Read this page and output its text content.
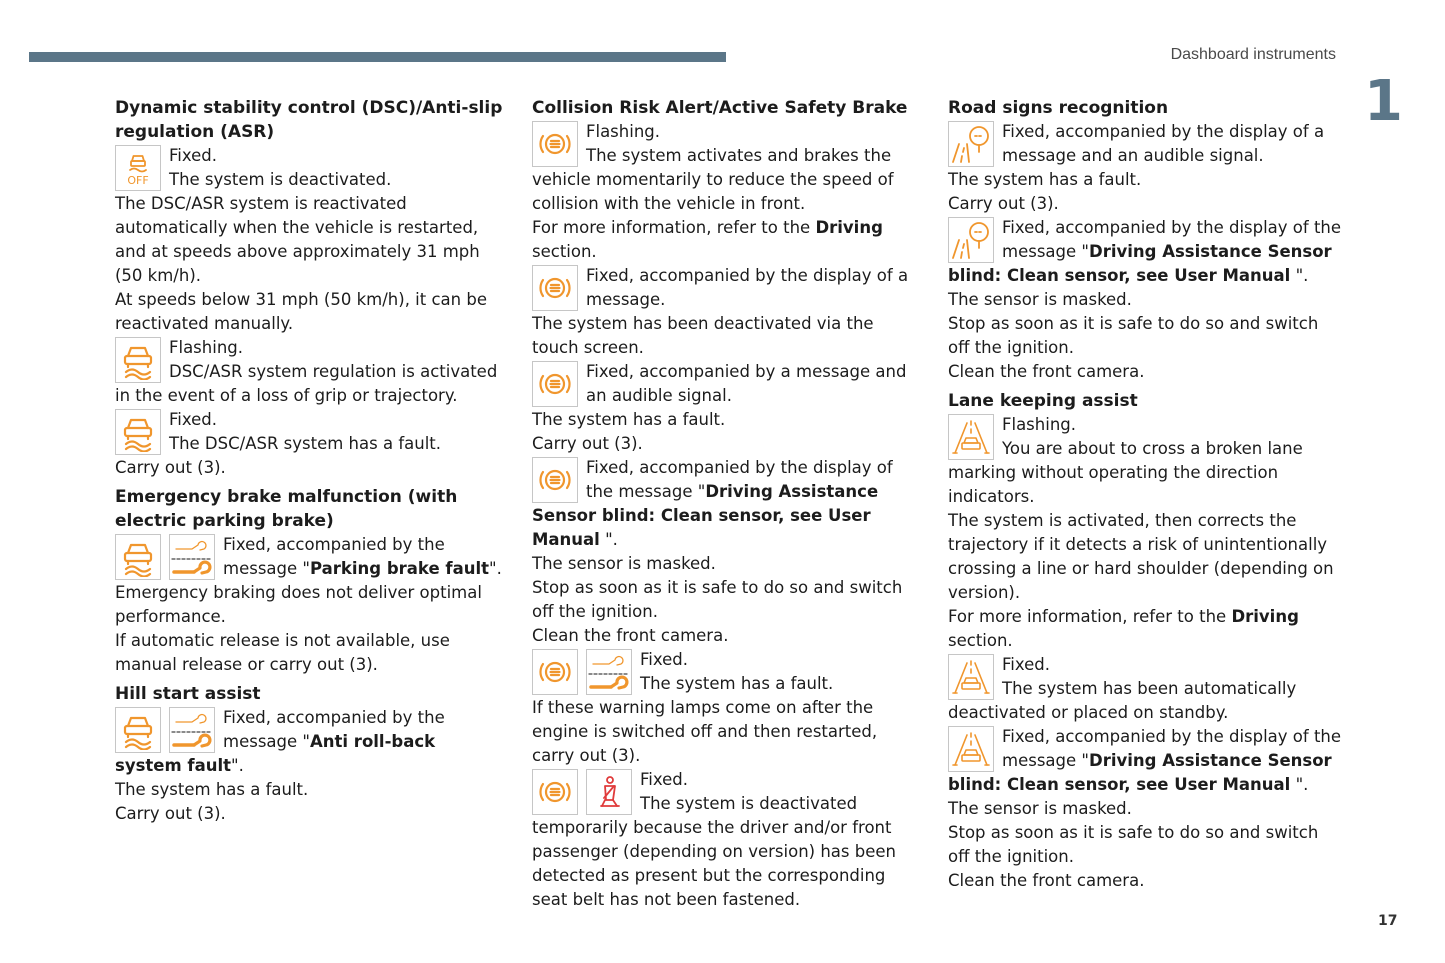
Dashboard instruments
1
17
Dynamic stability control (DSC)/Anti-slip regulation (ASR)
OFF
Fixed.
The system is deactivated.
The DSC/ASR system is reactivated automatically when the vehicle is restarted, and at speeds above approximately 31 mph (50 km/h).
At speeds below 31 mph (50 km/h), it can be reactivated manually.
Flashing.
DSC/ASR system regulation is activated in the event of a loss of grip or trajectory.
Fixed.
The DSC/ASR system has a fault.
Carry out (3).
Emergency brake malfunction (with electric parking brake)
Fixed, accompanied by the message "Parking brake fault".
Emergency braking does not deliver optimal performance.
If automatic release is not available, use manual release or carry out (3).
Hill start assist
Fixed, accompanied by the message "Anti roll-back system fault".
The system has a fault.
Carry out (3).
Collision Risk Alert/Active Safety Brake
Flashing.
The system activates and brakes the vehicle momentarily to reduce the speed of collision with the vehicle in front.
For more information, refer to the Driving section.
Fixed, accompanied by the display of a message.
The system has been deactivated via the touch screen.
Fixed, accompanied by a message and an audible signal.
The system has a fault.
Carry out (3).
Fixed, accompanied by the display of the message "Driving Assistance Sensor blind: Clean sensor, see User Manual ".
The sensor is masked.
Stop as soon as it is safe to do so and switch off the ignition.
Clean the front camera.
Fixed.
The system has a fault.
If these warning lamps come on after the engine is switched off and then restarted, carry out (3).
Fixed.
The system is deactivated temporarily because the driver and/or front passenger (depending on version) has been detected as present but the corresponding seat belt has not been fastened.
Road signs recognition
Fixed, accompanied by the display of a message and an audible signal.
The system has a fault.
Carry out (3).
Fixed, accompanied by the display of the message "Driving Assistance Sensor blind: Clean sensor, see User Manual ".
The sensor is masked.
Stop as soon as it is safe to do so and switch off the ignition.
Clean the front camera.
Lane keeping assist
Flashing.
You are about to cross a broken lane marking without operating the direction indicators.
The system is activated, then corrects the trajectory if it detects a risk of unintentionally crossing a line or hard shoulder (depending on version).
For more information, refer to the Driving section.
Fixed.
The system has been automatically deactivated or placed on standby.
Fixed, accompanied by the display of the message "Driving Assistance Sensor blind: Clean sensor, see User Manual ".
The sensor is masked.
Stop as soon as it is safe to do so and switch off the ignition.
Clean the front camera.
